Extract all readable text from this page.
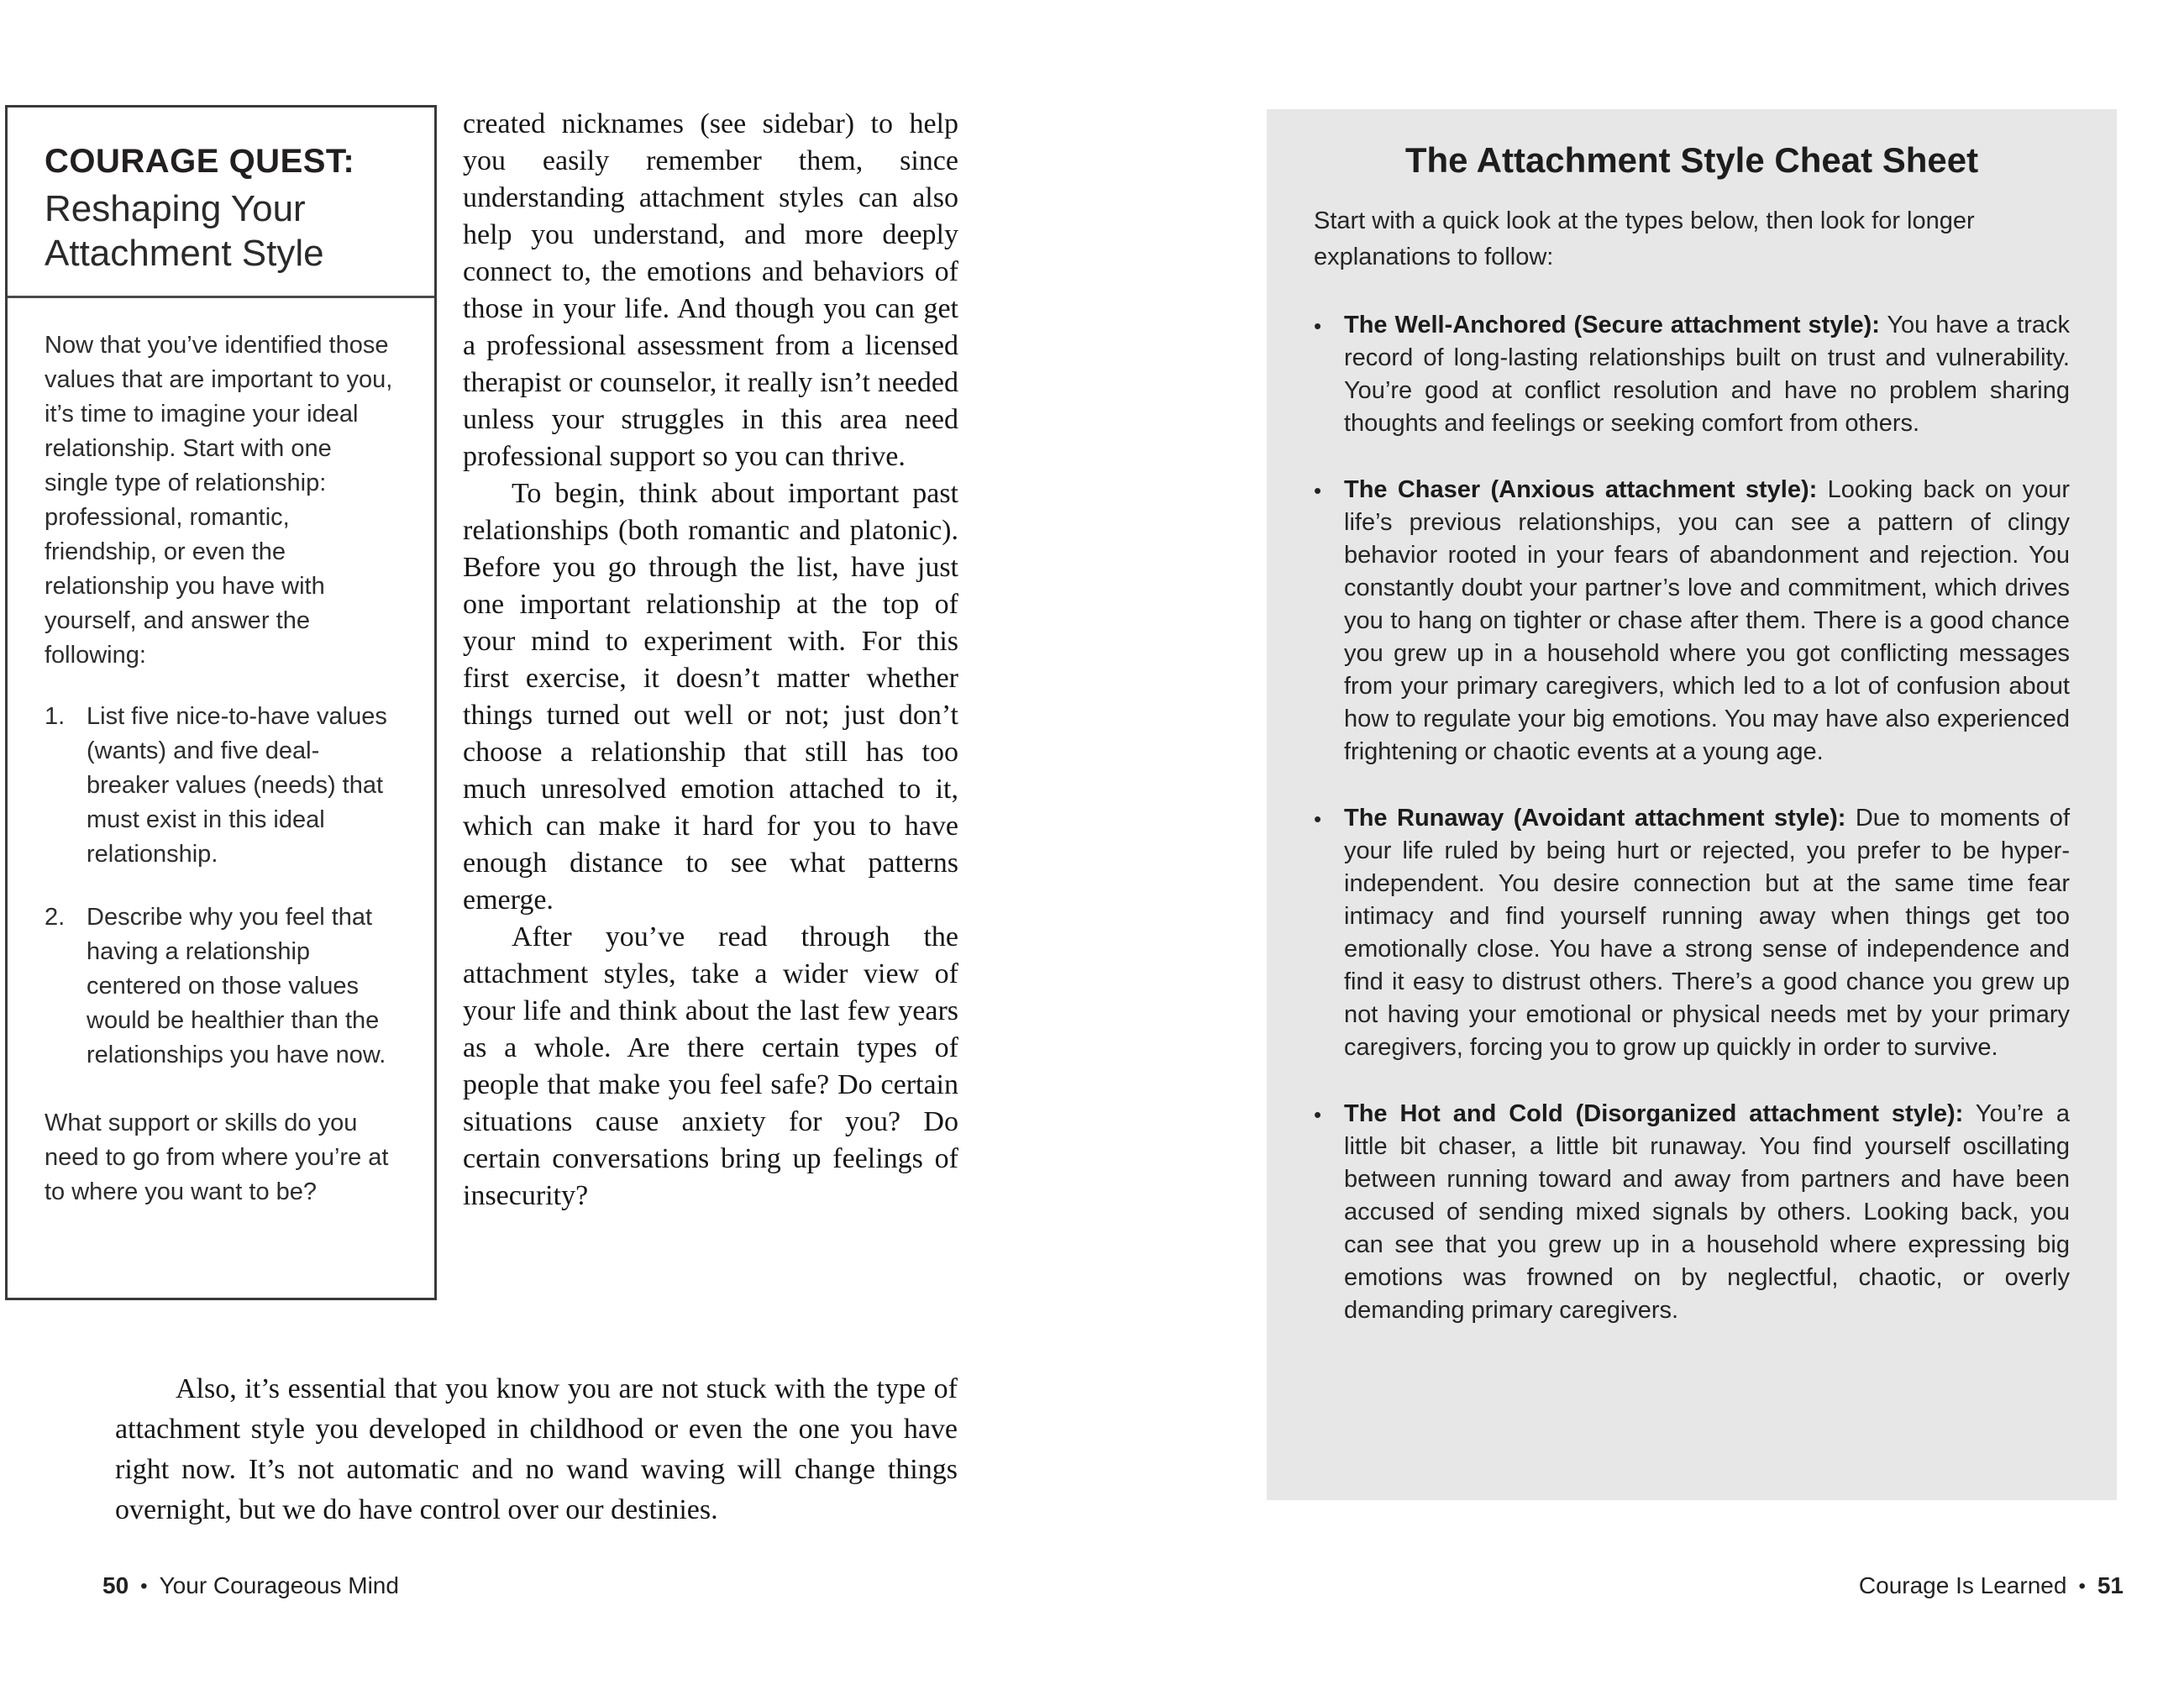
COURAGE QUEST:
Reshaping Your Attachment Style

Now that you’ve identified those values that are important to you, it’s time to imagine your ideal relationship. Start with one single type of relationship: professional, romantic, friendship, or even the relationship you have with yourself, and answer the following:

1. List five nice-to-have values (wants) and five deal-breaker values (needs) that must exist in this ideal relationship.
2. Describe why you feel that having a relationship centered on those values would be healthier than the relationships you have now.

What support or skills do you need to go from where you’re at to where you want to be?

created nicknames (see sidebar) to help you easily remember them, since understanding attachment styles can also help you understand, and more deeply connect to, the emotions and behaviors of those in your life. And though you can get a professional assessment from a licensed therapist or counselor, it really isn’t needed unless your struggles in this area need professional support so you can thrive.

To begin, think about important past relationships (both romantic and platonic). Before you go through the list, have just one important relationship at the top of your mind to experiment with. For this first exercise, it doesn’t matter whether things turned out well or not; just don’t choose a relationship that still has too much unresolved emotion attached to it, which can make it hard for you to have enough distance to see what patterns emerge.

After you’ve read through the attachment styles, take a wider view of your life and think about the last few years as a whole. Are there certain types of people that make you feel safe? Do certain situations cause anxiety for you? Do certain conversations bring up feelings of insecurity?

Also, it’s essential that you know you are not stuck with the type of attachment style you developed in childhood or even the one you have right now. It’s not automatic and no wand waving will change things overnight, but we do have control over our destinies.

50 • Your Courageous Mind
The Attachment Style Cheat Sheet

Start with a quick look at the types below, then look for longer explanations to follow:

• The Well-Anchored (Secure attachment style): You have a track record of long-lasting relationships built on trust and vulnerability. You’re good at conflict resolution and have no problem sharing thoughts and feelings or seeking comfort from others.
• The Chaser (Anxious attachment style): Looking back on your life’s previous relationships, you can see a pattern of clingy behavior rooted in your fears of abandonment and rejection. You constantly doubt your partner’s love and commitment, which drives you to hang on tighter or chase after them. There is a good chance you grew up in a household where you got conflicting messages from your primary caregivers, which led to a lot of confusion about how to regulate your big emotions. You may have also experienced frightening or chaotic events at a young age.
• The Runaway (Avoidant attachment style): Due to moments of your life ruled by being hurt or rejected, you prefer to be hyper-independent. You desire connection but at the same time fear intimacy and find yourself running away when things get too emotionally close. You have a strong sense of independence and find it easy to distrust others. There’s a good chance you grew up not having your emotional or physical needs met by your primary caregivers, forcing you to grow up quickly in order to survive.
• The Hot and Cold (Disorganized attachment style): You’re a little bit chaser, a little bit runaway. You find yourself oscillating between running toward and away from partners and have been accused of sending mixed signals by others. Looking back, you can see that you grew up in a household where expressing big emotions was frowned on by neglectful, chaotic, or overly demanding primary caregivers.
Courage Is Learned • 51
